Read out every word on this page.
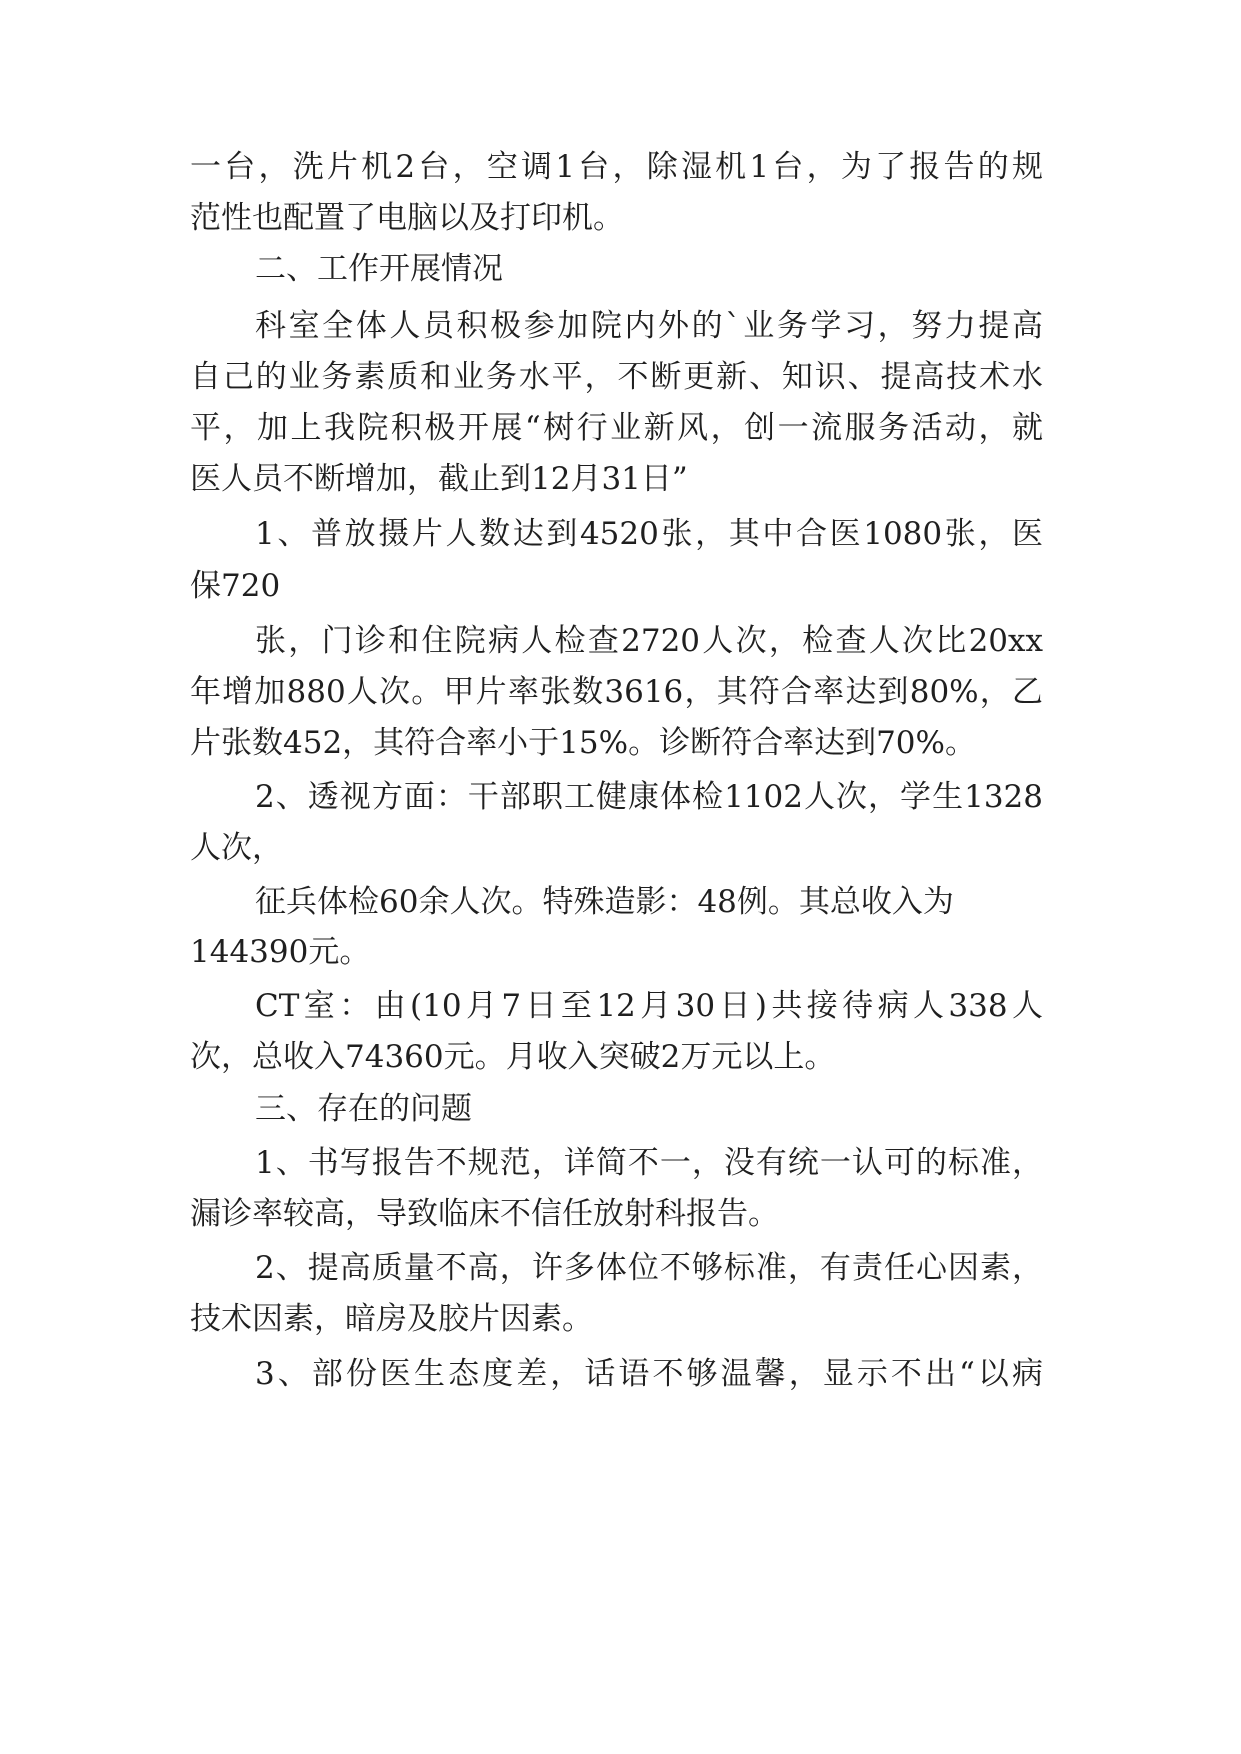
一台，洗片机2台，空调1台，除湿机1台，为了报告的规
范性也配置了电脑以及打印机。
二、工作开展情况
科室全体人员积极参加院内外的`业务学习，努力提高
自己的业务素质和业务水平，不断更新、知识、提高技术水
平，加上我院积极开展“树行业新风，创一流服务活动，就
医人员不断增加，截止到12月31日”
1、普放摄片人数达到4520张，其中合医1080张，医
保720
张，门诊和住院病人检查2720人次，检查人次比20xx
年增加880人次。甲片率张数3616，其符合率达到80%，乙
片张数452，其符合率小于15%。诊断符合率达到70%。
2、透视方面：干部职工健康体检1102人次，学生1328
人次，
征兵体检60余人次。特殊造影：48例。其总收入为
144390元。
CT室：由(10月7日至12月30日)共接待病人338人
次，总收入74360元。月收入突破2万元以上。
三、存在的问题
1、书写报告不规范，详简不一，没有统一认可的标准，
漏诊率较高，导致临床不信任放射科报告。
2、提高质量不高，许多体位不够标准，有责任心因素，
技术因素，暗房及胶片因素。
3、部份医生态度差，话语不够温馨，显示不出“以病
